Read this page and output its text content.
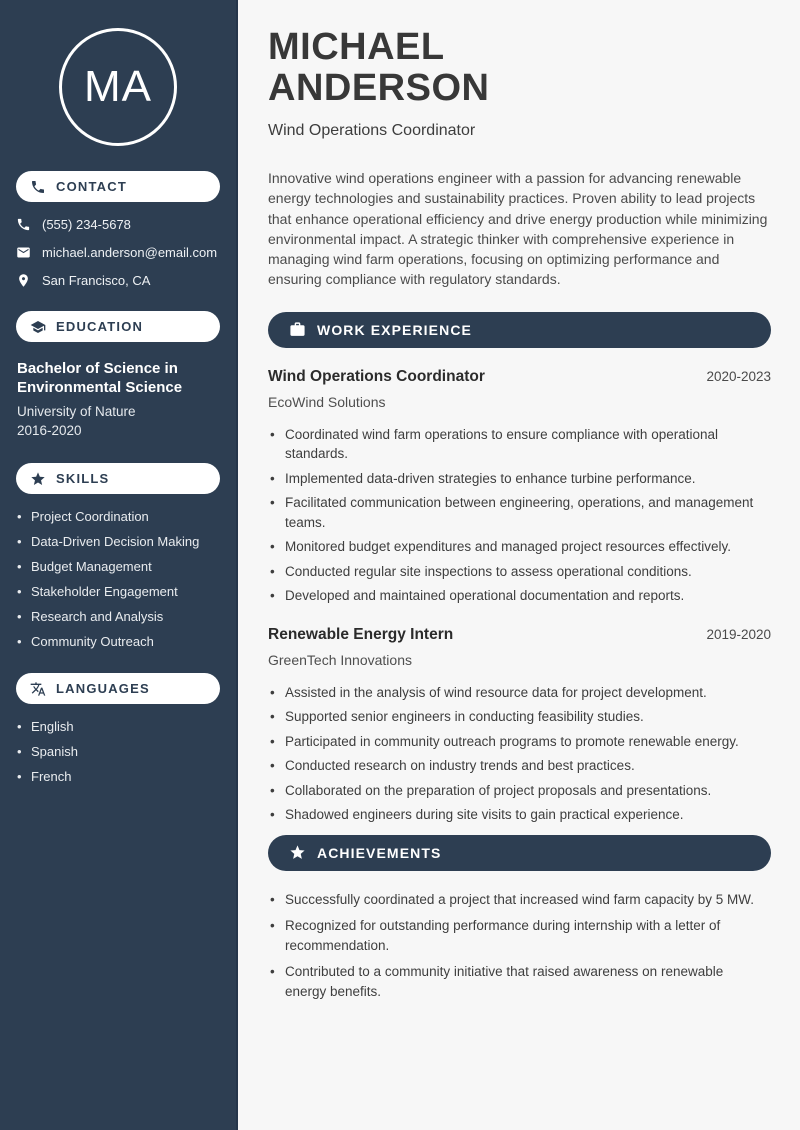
MA
CONTACT
(555) 234-5678
michael.anderson@email.com
San Francisco, CA
EDUCATION
Bachelor of Science in Environmental Science
University of Nature
2016-2020
SKILLS
• Project Coordination
• Data-Driven Decision Making
• Budget Management
• Stakeholder Engagement
• Research and Analysis
• Community Outreach
LANGUAGES
• English
• Spanish
• French
MICHAEL
ANDERSON
Wind Operations Coordinator

Innovative wind operations engineer with a passion for advancing renewable energy technologies and sustainability practices. Proven ability to lead projects that enhance operational efficiency and drive energy production while minimizing environmental impact. A strategic thinker with comprehensive experience in managing wind farm operations, focusing on optimizing performance and ensuring compliance with regulatory standards.

WORK EXPERIENCE
Wind Operations Coordinator	2020-2023
EcoWind Solutions
• Coordinated wind farm operations to ensure compliance with operational standards.
• Implemented data-driven strategies to enhance turbine performance.
• Facilitated communication between engineering, operations, and management teams.
• Monitored budget expenditures and managed project resources effectively.
• Conducted regular site inspections to assess operational conditions.
• Developed and maintained operational documentation and reports.
Renewable Energy Intern	2019-2020
GreenTech Innovations
• Assisted in the analysis of wind resource data for project development.
• Supported senior engineers in conducting feasibility studies.
• Participated in community outreach programs to promote renewable energy.
• Conducted research on industry trends and best practices.
• Collaborated on the preparation of project proposals and presentations.
• Shadowed engineers during site visits to gain practical experience.
ACHIEVEMENTS
• Successfully coordinated a project that increased wind farm capacity by 5 MW.
• Recognized for outstanding performance during internship with a letter of recommendation.
• Contributed to a community initiative that raised awareness on renewable energy benefits.
